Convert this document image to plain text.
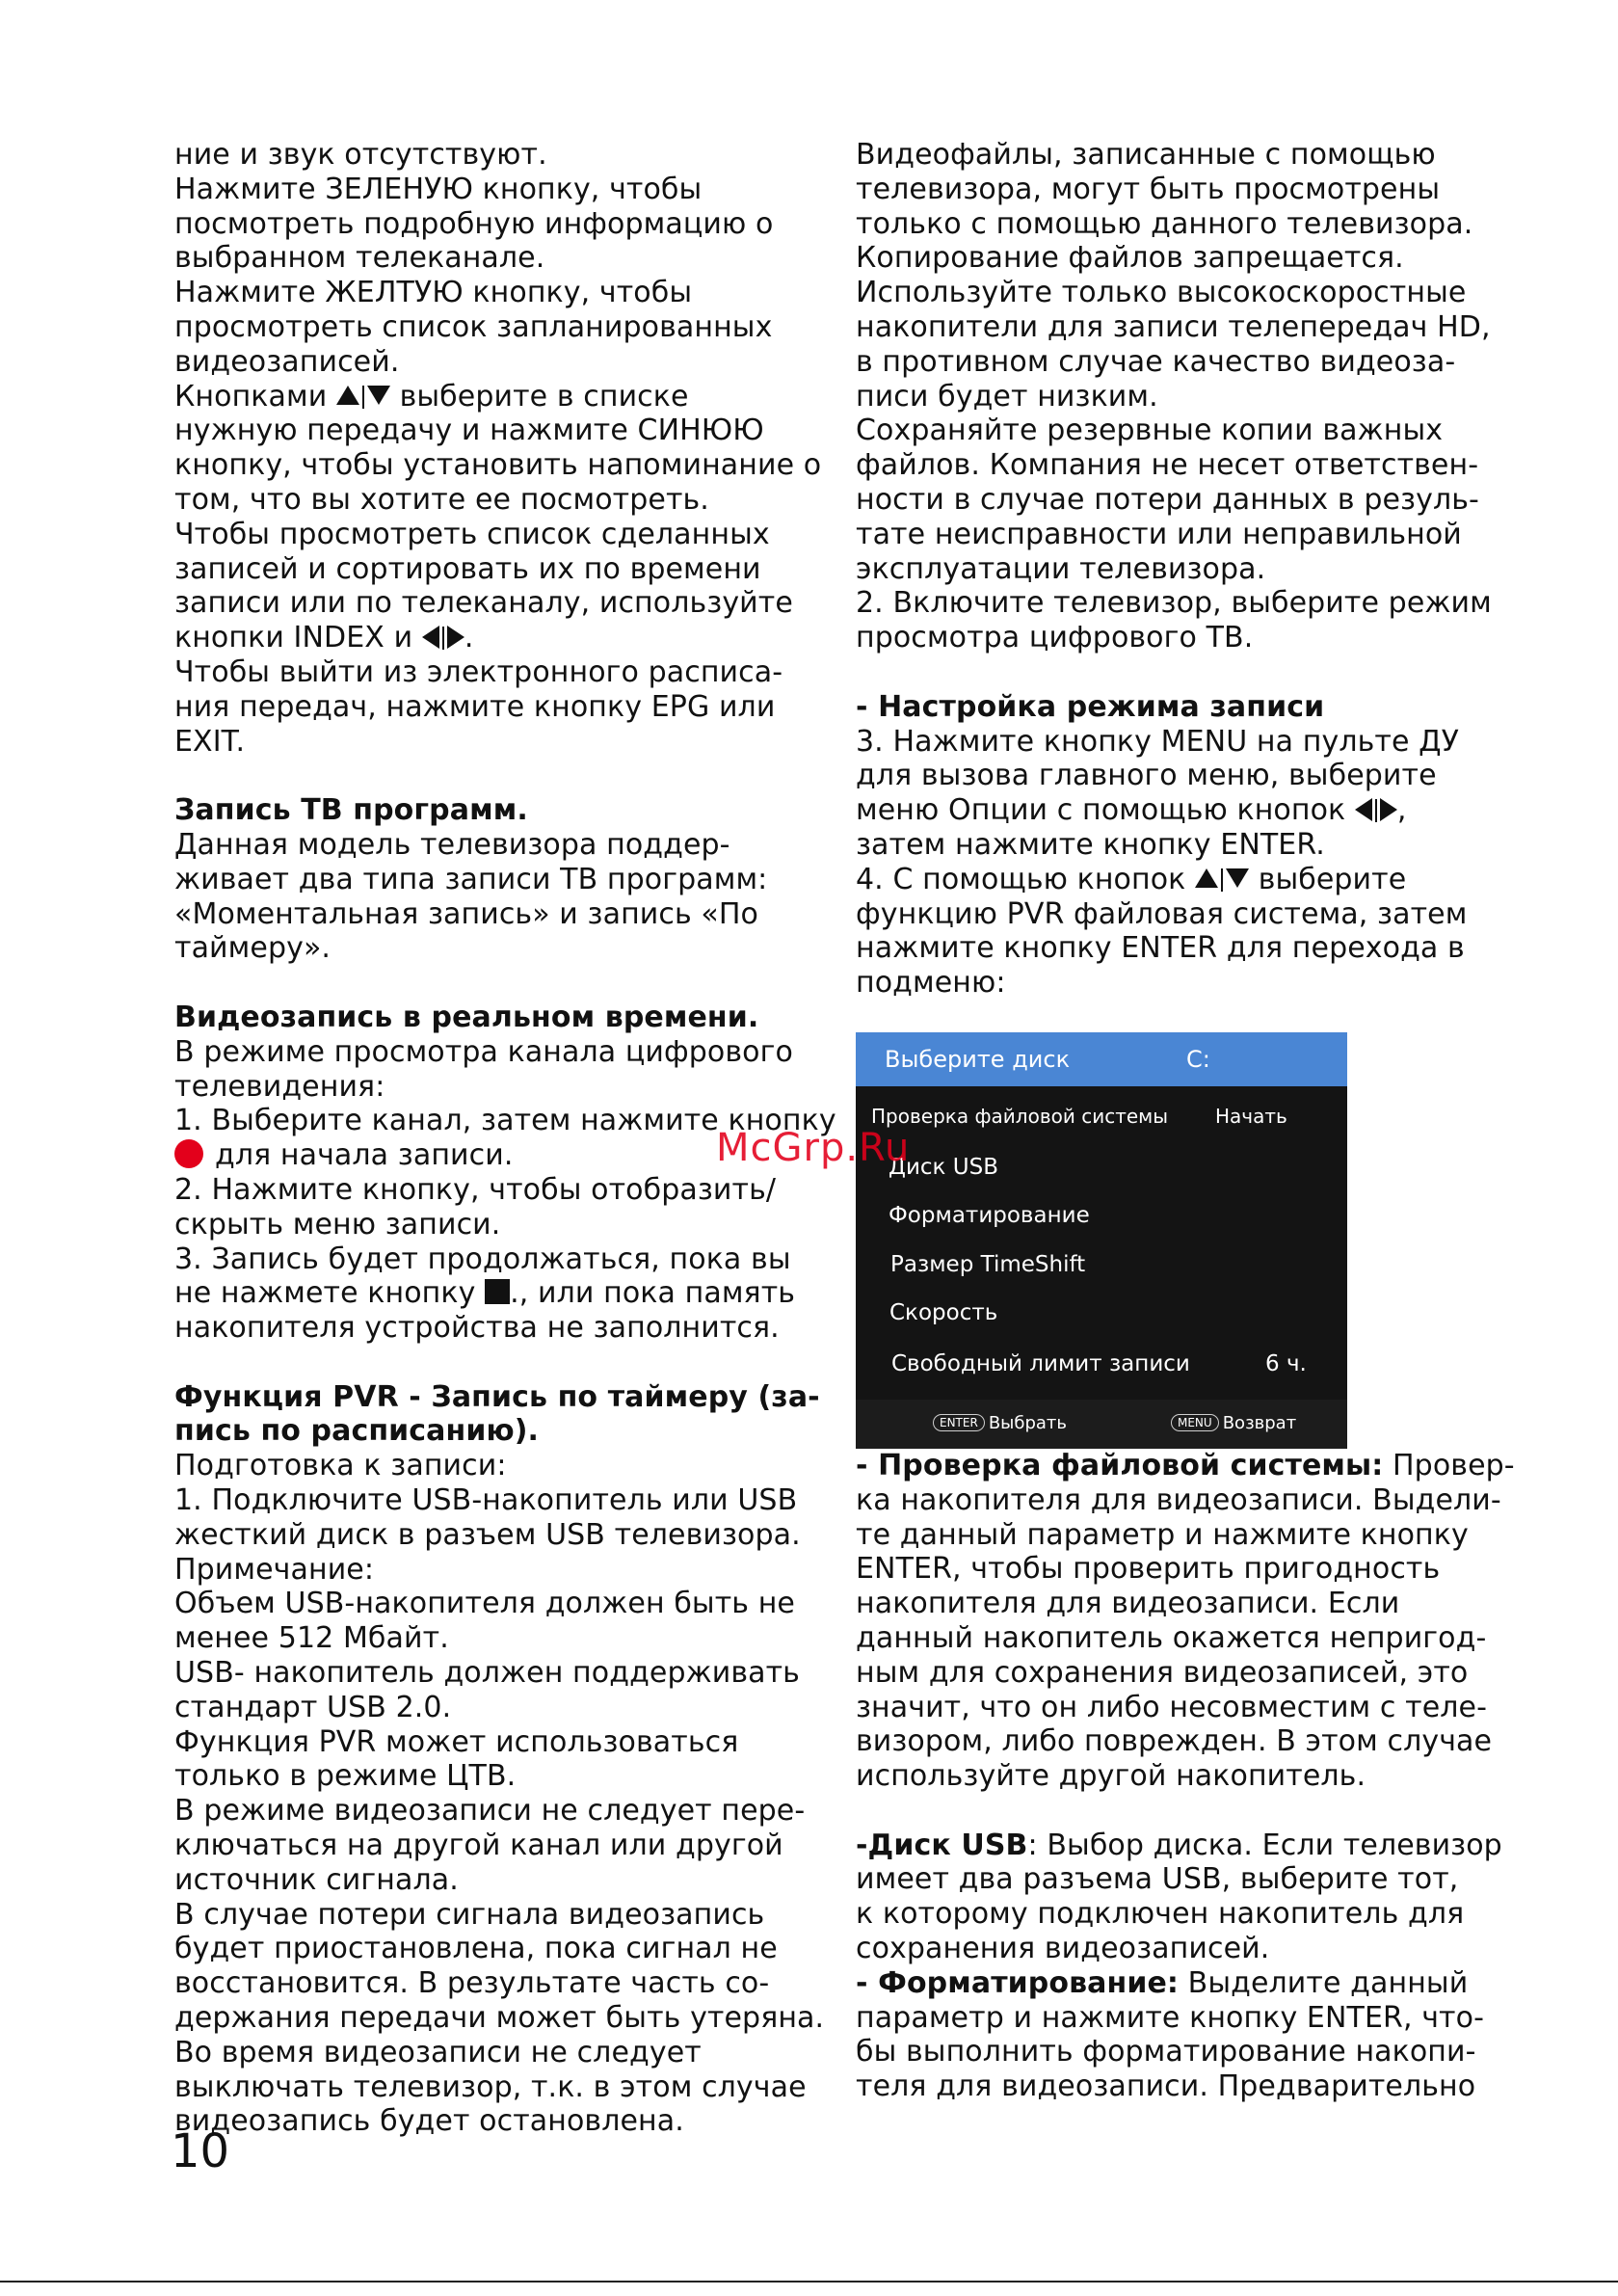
ние и звук отсутствуют.

Нажмите ЗЕЛЕНУЮ кнопку, чтобы

посмотреть подробную информацию о

выбранном телеканале.

Нажмите ЖЕЛТУЮ кнопку, чтобы

просмотреть список запланированных

видеозаписей.

Кнопками	выберите в списке

нужную передачу и нажмите СИНЮЮ

кнопку, чтобы установить напоминание о

том, что вы хотите ее посмотреть.

Чтобы просмотреть список сделанных

записей и сортировать их по времени

записи или по телеканалу, используйте

кнопки INDEX и .

Чтобы выйти из электронного расписа-

ния передач, нажмите кнопку EPG или

EXIT.

Запись ТВ программ.

Данная модель телевизора поддер-

живает два типа записи ТВ программ:

«Моментальная запись» и запись «По

таймеру».

Видеозапись в реальном времени.

В режиме просмотра канала цифрового

телевидения:

1. Выберите канал, затем нажмите кнопку

для начала записи.

2. Нажмите кнопку, чтобы отобразить/

скрыть меню записи.

3. Запись будет продолжаться, пока вы

не нажмете кнопку ., или пока память

накопителя устройства не заполнится.

Функция PVR - Запись по таймеру (за-

пись по расписанию).

Подготовка к записи:

1. Подключите USB-накопитель или USB

жесткий диск в разъем USB телевизора.

Примечание:

Объем USB-накопителя должен быть не

менее 512 Мбайт.

USB- накопитель должен поддерживать

стандарт USB 2.0.

Функция PVR может использоваться

только в режиме ЦТВ.

В режиме видеозаписи не следует пере-

ключаться на другой канал или другой

источник сигнала.

В случае потери сигнала видеозапись

будет приостановлена, пока сигнал не

восстановится. В результате часть со-

держания передачи может быть утеряна.

Во время видеозаписи не следует

выключать телевизор, т.к. в этом случае

видеозапись будет остановлена.

Видеофайлы, записанные с помощью

телевизора, могут быть просмотрены

только с помощью данного телевизора.

Копирование файлов запрещается.

Используйте только высокоскоростные

накопители для записи телепередач HD,

в противном случае качество видеоза-

писи будет низким.

Сохраняйте резервные копии важных

файлов. Компания не несет ответствен-

ности в случае потери данных в резуль-

тате неисправности или неправильной

эксплуатации телевизора.

2. Включите телевизор, выберите режим

просмотра цифрового ТВ.

- Настройка режима записи

3. Нажмите кнопку MENU на пульте ДУ

для вызова главного меню, выберите

меню Опции с помощью кнопок ,

затем нажмите кнопку ENTER.

4. С помощью кнопок	выберите

функцию PVR файловая система, затем

нажмите кнопку ENTER для перехода в

подменю:

- Проверка файловой системы: Провер-

ка накопителя для видеозаписи. Выдели-

те данный параметр и нажмите кнопку

ENTER, чтобы проверить пригодность

накопителя для видеозаписи. Если

данный накопитель окажется непригод-

ным для сохранения видеозаписей, это

значит, что он либо несовместим с теле-

визором, либо поврежден. В этом случае

используйте другой накопитель.

-Диск USB: Выбор диска. Если телевизор

имеет два разъема USB, выберите тот,

к которому подключен накопитель для

сохранения видеозаписей.

- Форматирование: Выделите данный

параметр и нажмите кнопку ENTER, что-

бы выполнить форматирование накопи-

теля для видеозаписи. Предварительно

Выберите диск	C:
Проверка файловой системы Начать
Диск USB
Форматирование
Размер TimeShift
Скорость
Свободный лимит записи	6 ч.
ENTER Выбрать	MENU Возврат
McGrp.Ru
10
